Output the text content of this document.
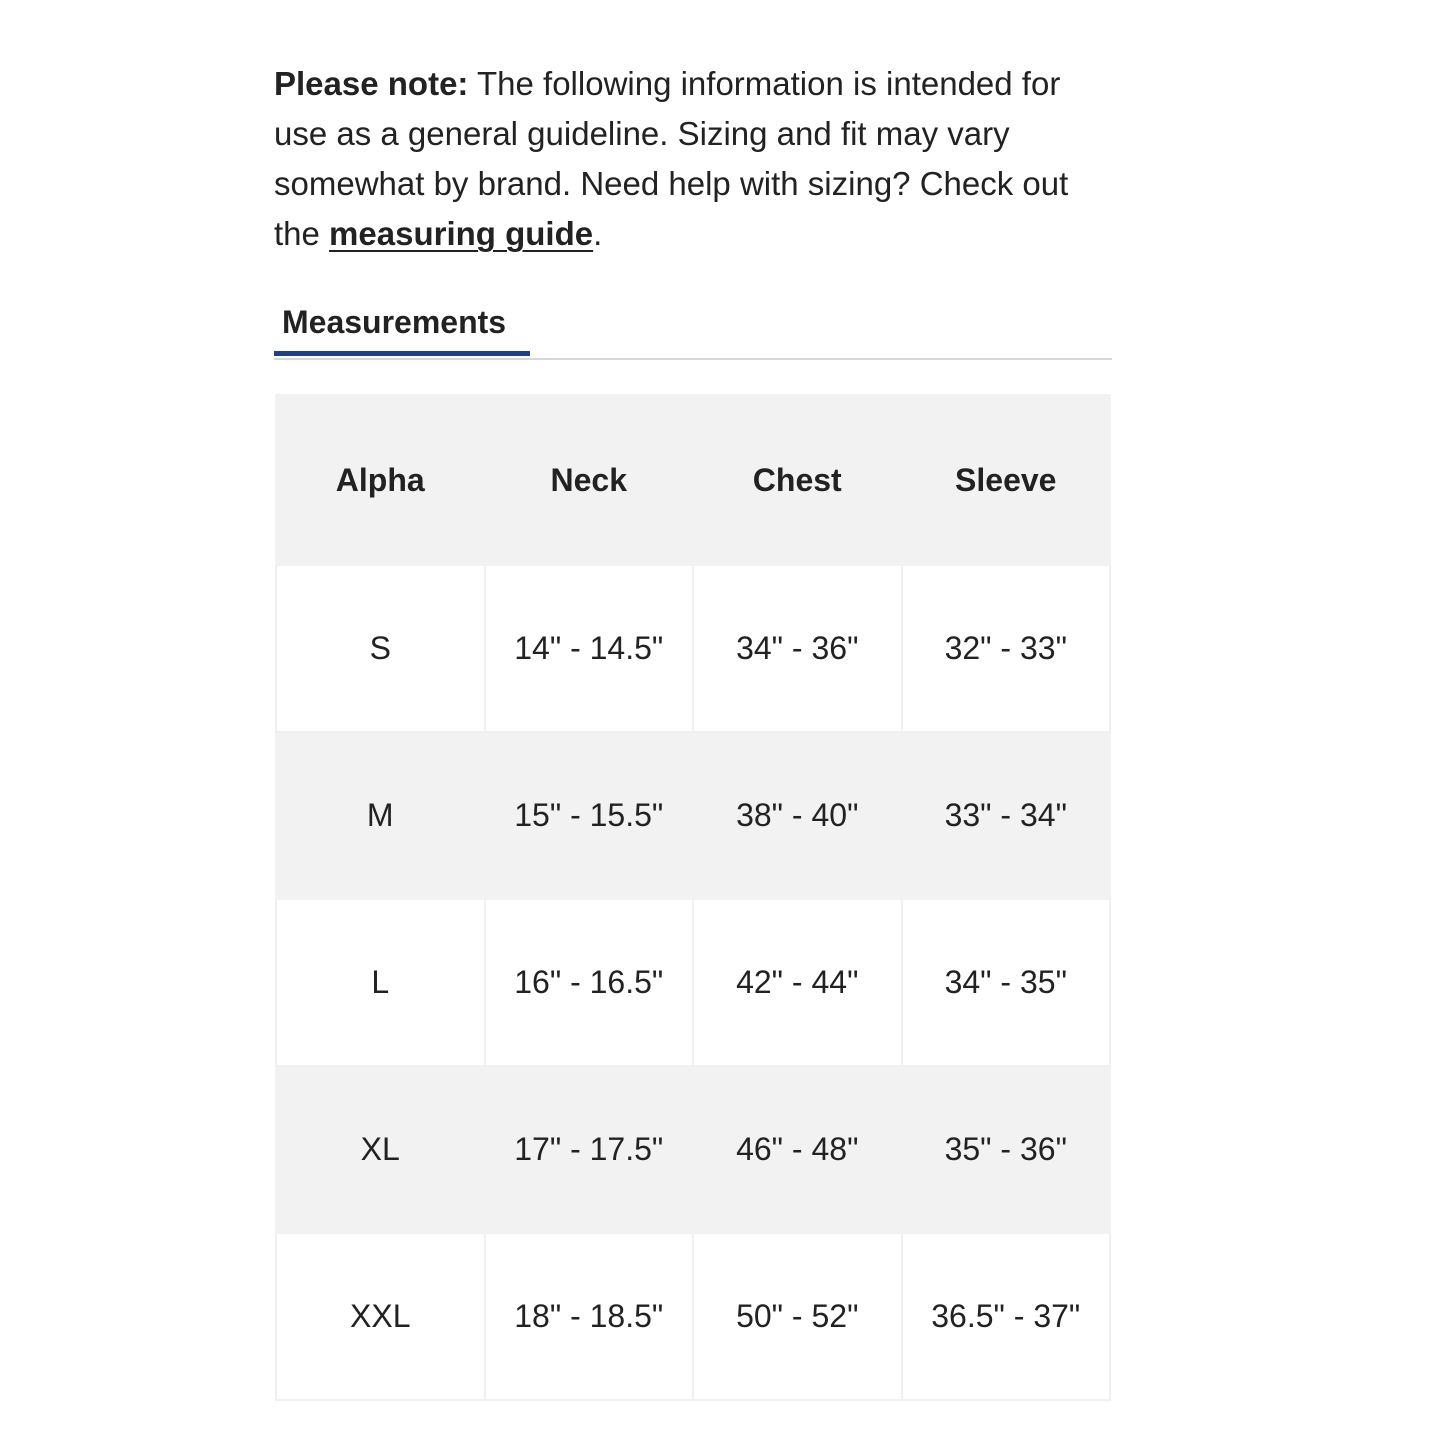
Please note: The following information is intended for use as a general guideline. Sizing and fit may vary somewhat by brand. Need help with sizing? Check out the measuring guide.

Measurements
Alpha	Neck	Chest	Sleeve
S	14" - 14.5"	34" - 36"	32" - 33"
M	15" - 15.5"	38" - 40"	33" - 34"
L	16" - 16.5"	42" - 44"	34" - 35"
XL	17" - 17.5"	46" - 48"	35" - 36"
XXL	18" - 18.5"	50" - 52"	36.5" - 37"
